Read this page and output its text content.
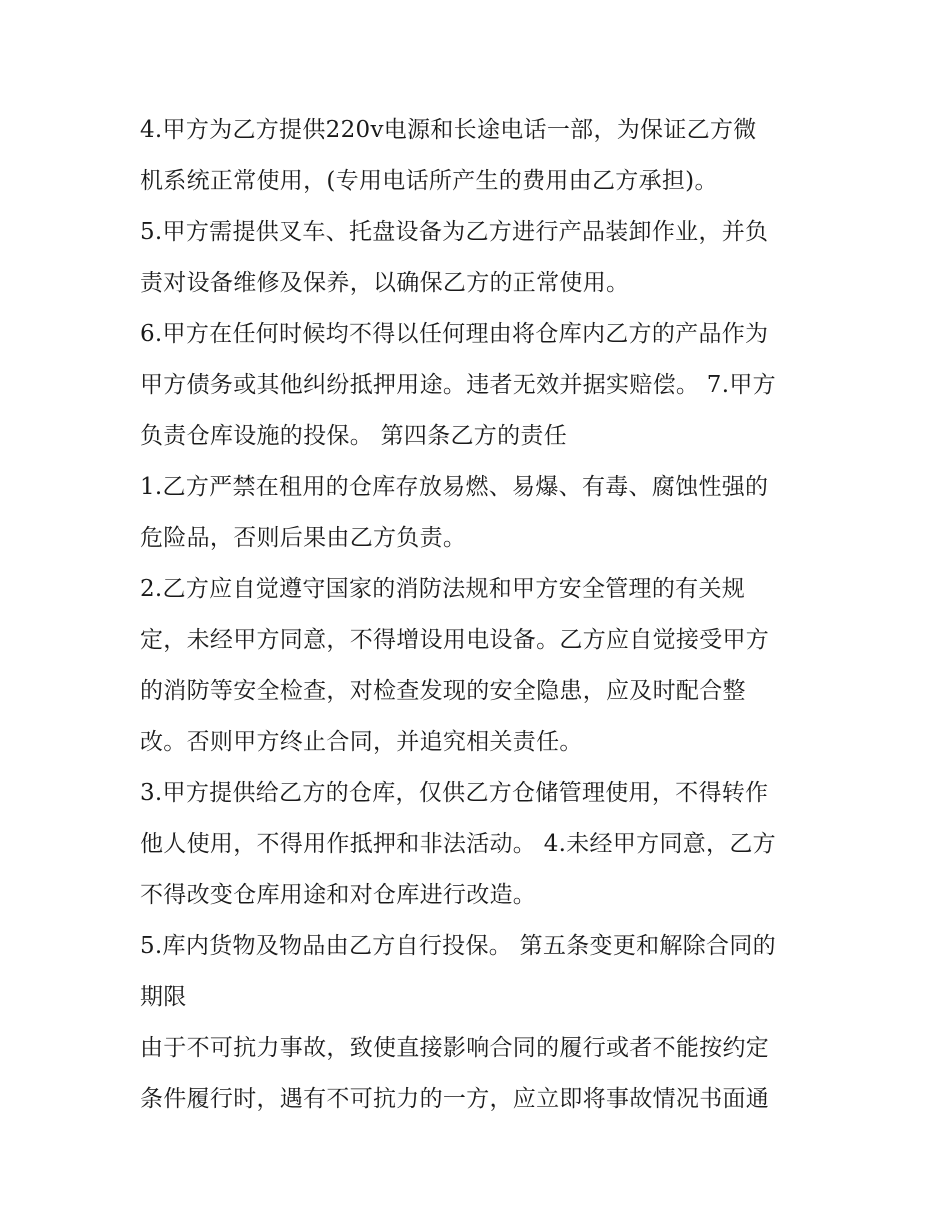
4.甲方为乙方提供220v电源和长途电话一部，为保证乙方微
机系统正常使用，(专用电话所产生的费用由乙方承担)。
5.甲方需提供叉车、托盘设备为乙方进行产品装卸作业，并负
责对设备维修及保养，以确保乙方的正常使用。
6.甲方在任何时候均不得以任何理由将仓库内乙方的产品作为
甲方债务或其他纠纷抵押用途。违者无效并据实赔偿。 7.甲方
负责仓库设施的投保。 第四条乙方的责任
1.乙方严禁在租用的仓库存放易燃、易爆、有毒、腐蚀性强的
危险品，否则后果由乙方负责。
2.乙方应自觉遵守国家的消防法规和甲方安全管理的有关规
定，未经甲方同意，不得增设用电设备。乙方应自觉接受甲方
的消防等安全检查，对检查发现的安全隐患，应及时配合整
改。否则甲方终止合同，并追究相关责任。
3.甲方提供给乙方的仓库，仅供乙方仓储管理使用，不得转作
他人使用，不得用作抵押和非法活动。 4.未经甲方同意，乙方
不得改变仓库用途和对仓库进行改造。
5.库内货物及物品由乙方自行投保。 第五条变更和解除合同的
期限
由于不可抗力事故，致使直接影响合同的履行或者不能按约定
条件履行时，遇有不可抗力的一方，应立即将事故情况书面通
